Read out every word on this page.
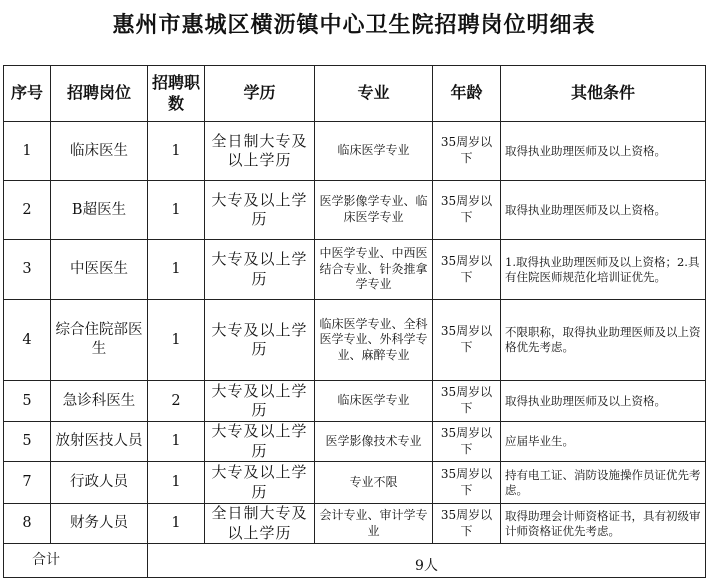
惠州市惠城区横沥镇中心卫生院招聘岗位明细表
序号	招聘岗位	招聘职数	学历	专业	年龄	其他条件
1	临床医生	1	全日制大专及以上学历	临床医学专业	35周岁以下	取得执业助理医师及以上资格。
2	B超医生	1	大专及以上学历	医学影像学专业、临床医学专业	35周岁以下	取得执业助理医师及以上资格。
3	中医医生	1	大专及以上学历	中医学专业、中西医结合专业、针灸推拿学专业	35周岁以下	1.取得执业助理医师及以上资格；2.具有住院医师规范化培训证优先。
4	综合住院部医生	1	大专及以上学历	临床医学专业、全科医学专业、外科学专业、麻醉专业	35周岁以下	不限职称，取得执业助理医师及以上资格优先考虑。
5	急诊科医生	2	大专及以上学历	临床医学专业	35周岁以下	取得执业助理医师及以上资格。
5	放射医技人员	1	大专及以上学历	医学影像技术专业	35周岁以下	应届毕业生。
7	行政人员	1	大专及以上学历	专业不限	35周岁以下	持有电工证、消防设施操作员证优先考虑。
8	财务人员	1	全日制大专及以上学历	会计专业、审计学专业	35周岁以下	取得助理会计师资格证书，具有初级审计师资格证优先考虑。
合计		9人				
